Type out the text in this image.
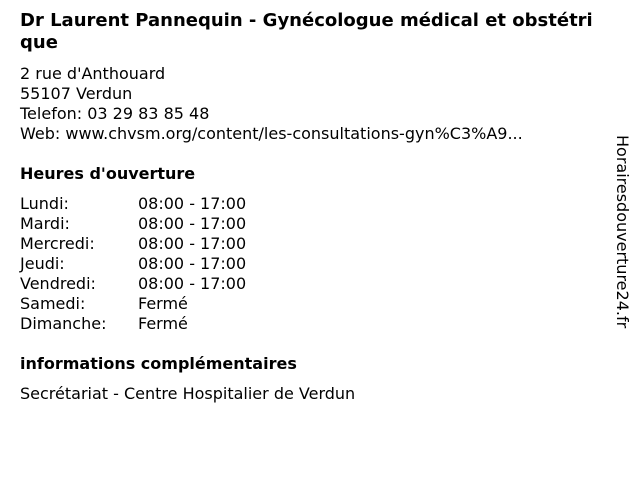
Dr Laurent Pannequin - Gynécologue médical et obstétrique
2 rue d'Anthouard
55107 Verdun
Telefon: 03 29 83 85 48
Web: www.chvsm.org/content/les-consultations-gyn%C3%A9...
Heures d'ouverture
Lundi:	08:00 - 17:00
Mardi:	08:00 - 17:00
Mercredi:	08:00 - 17:00
Jeudi:	08:00 - 17:00
Vendredi:	08:00 - 17:00
Samedi:	Fermé
Dimanche: Fermé
informations complémentaires
Secrétariat - Centre Hospitalier de Verdun
Horairesdouverture24.fr
